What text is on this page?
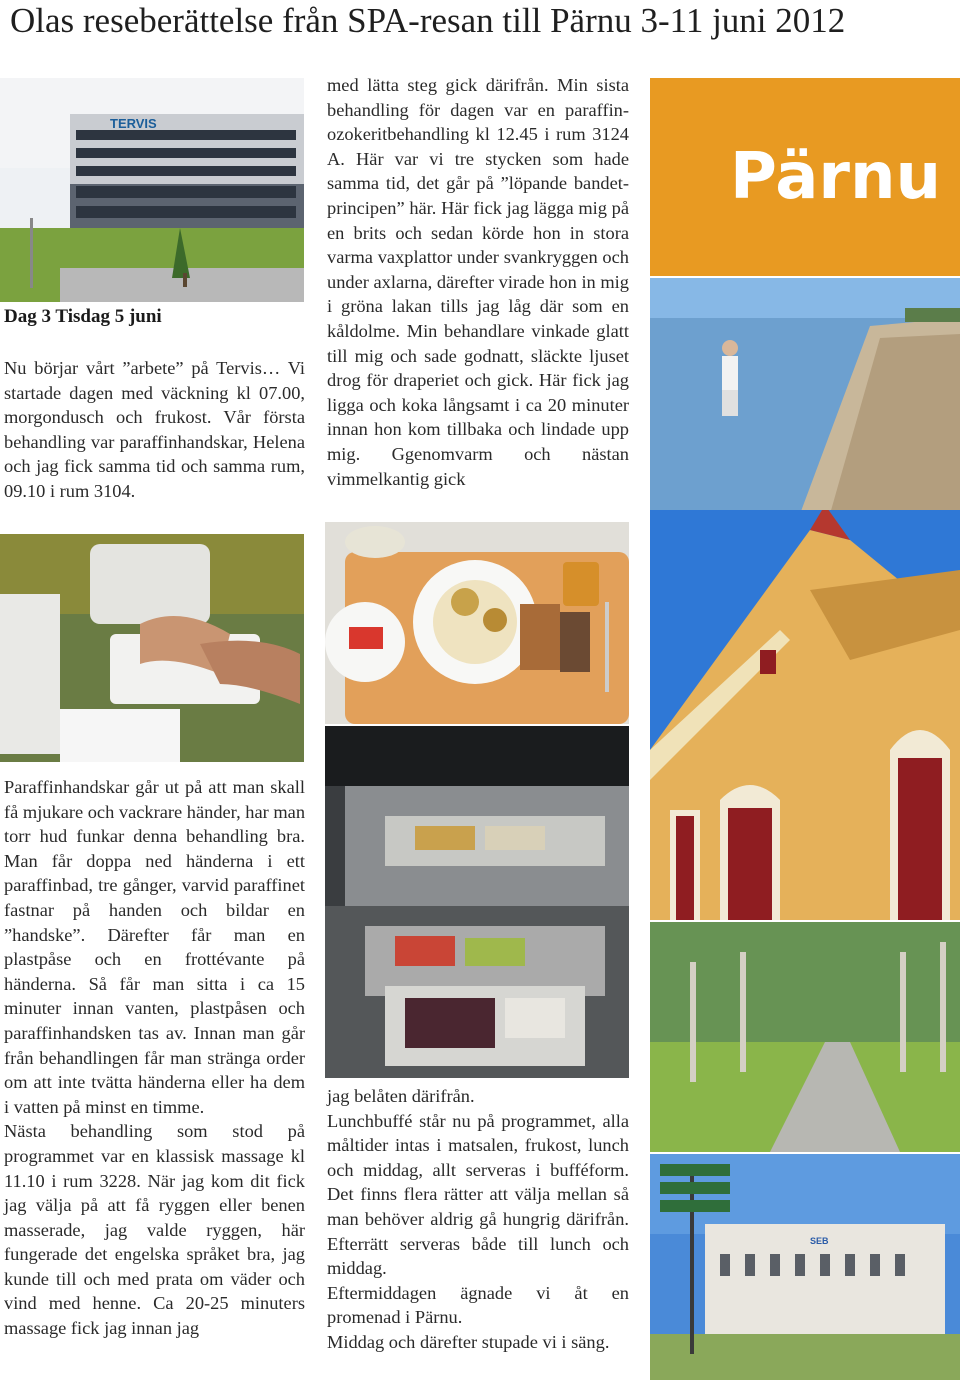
Olas reseberättelse från SPA-resan till Pärnu 3-11 juni 2012
TERVIS
Pärnu
SEB
Dag 3 Tisdag 5 juni

Nu börjar vårt ”arbete” på Tervis… Vi startade dagen med väckning kl 07.00, morgondusch och frukost. Vår första behandling var paraffinhandskar, Helena och jag fick samma tid och samma rum, 09.10 i rum 3104.

med lätta steg gick därifrån. Min sista behandling för dagen var en paraffin-ozokeritbehandling kl 12.45 i rum 3124 A. Här var vi tre stycken som hade samma tid, det går på ”löpande bandet-principen” här. Här fick jag lägga mig på en brits och sedan körde hon in stora varma vaxplattor under svankryggen och under axlarna, därefter virade hon in mig i gröna lakan tills jag låg där som en kåldolme. Min behandlare vinkade glatt till mig och sade godnatt, släckte ljuset drog för draperiet och gick. Här fick jag ligga och koka långsamt i ca 20 minuter innan hon kom tillbaka och lindade upp mig. Ggenomvarm och nästan vimmelkantig gick

Paraffinhandskar går ut på att man skall få mjukare och vackrare händer, har man torr hud funkar denna behandling bra. Man får doppa ned händerna i ett paraffinbad, tre gånger, varvid paraffinet fastnar på handen och bildar en ”handske”. Därefter får man en plastpåse och en frottévante på händerna. Så får man sitta i ca 15 minuter innan vanten, plastpåsen och paraffinhandsken tas av. Innan man går från behandlingen får man stränga order om att inte tvätta händerna eller ha dem i vatten på minst en timme.

Nästa behandling som stod på programmet var en klassisk massage kl 11.10 i rum 3228. När jag kom dit fick jag välja på att få ryggen eller benen masserade, jag valde ryggen, här fungerade det engelska språket bra, jag kunde till och med prata om väder och vind med henne. Ca 20-25 minuters massage fick jag innan jag

jag belåten därifrån.

Lunchbuffé står nu på programmet, alla måltider intas i matsalen, frukost, lunch och middag, allt serveras i bufféform. Det finns flera rätter att välja mellan så man behöver aldrig gå hungrig därifrån. Efterrätt serveras både till lunch och middag.

Eftermiddagen ägnade vi åt en promenad i Pärnu.

Middag och därefter stupade vi i säng.
